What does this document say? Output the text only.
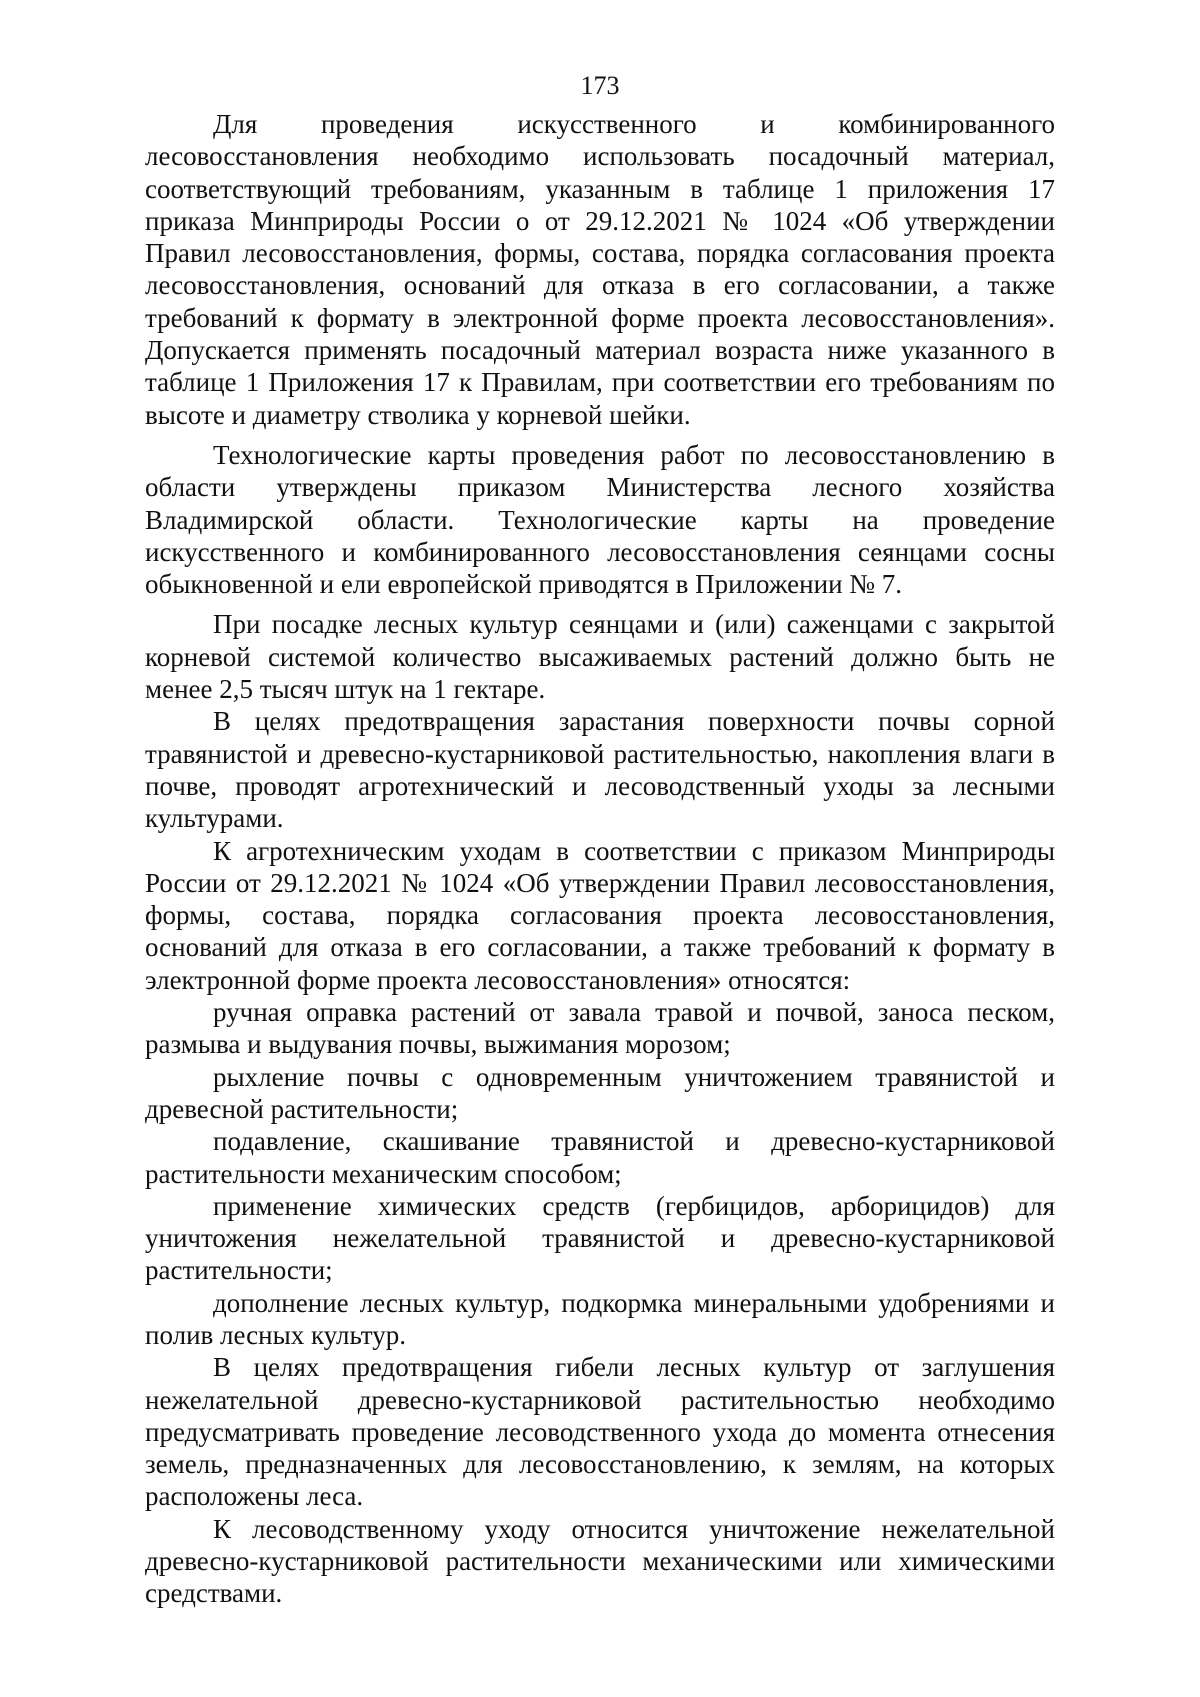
173

Для проведения искусственного и комбинированного лесовосстановления необходимо использовать посадочный материал, соответствующий требованиям, указанным в таблице 1 приложения 17 приказа Минприроды России о от 29.12.2021 № 1024 «Об утверждении Правил лесовосстановления, формы, состава, порядка согласования проекта лесовосстановления, оснований для отказа в его согласовании, а также требований к формату в электронной форме проекта лесовосстановления». Допускается применять посадочный материал возраста ниже указанного в таблице 1 Приложения 17 к Правилам, при соответствии его требованиям по высоте и диаметру стволика у корневой шейки.

Технологические карты проведения работ по лесовосстановлению в области утверждены приказом Министерства лесного хозяйства Владимирской области. Технологические карты на проведение искусственного и комбинированного лесовосстановления сеянцами сосны обыкновенной и ели европейской приводятся в Приложении № 7.

При посадке лесных культур сеянцами и (или) саженцами с закрытой корневой системой количество высаживаемых растений должно быть не менее 2,5 тысяч штук на 1 гектаре.

В целях предотвращения зарастания поверхности почвы сорной травянистой и древесно-кустарниковой растительностью, накопления влаги в почве, проводят агротехнический и лесоводственный уходы за лесными культурами.

К агротехническим уходам в соответствии с приказом Минприроды России от 29.12.2021 № 1024 «Об утверждении Правил лесовосстановления, формы, состава, порядка согласования проекта лесовосстановления, оснований для отказа в его согласовании, а также требований к формату в электронной форме проекта лесовосстановления» относятся:

ручная оправка растений от завала травой и почвой, заноса песком, размыва и выдувания почвы, выжимания морозом;

рыхление почвы с одновременным уничтожением травянистой и древесной растительности;

подавление, скашивание травянистой и древесно-кустарниковой растительности механическим способом;

применение химических средств (гербицидов, арборицидов) для уничтожения нежелательной травянистой и древесно-кустарниковой растительности;

дополнение лесных культур, подкормка минеральными удобрениями и полив лесных культур.

В целях предотвращения гибели лесных культур от заглушения нежелательной древесно-кустарниковой растительностью необходимо предусматривать проведение лесоводственного ухода до момента отнесения земель, предназначенных для лесовосстановлению, к землям, на которых расположены леса.

К лесоводственному уходу относится уничтожение нежелательной древесно-кустарниковой растительности механическими или химическими средствами.
